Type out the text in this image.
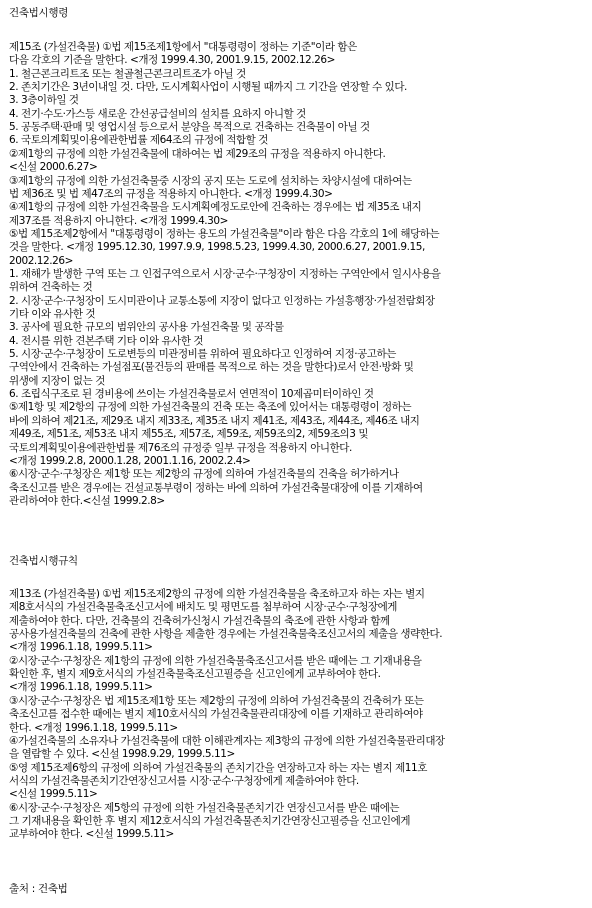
건축법시행령
제15조 (가설건축물) ①법 제15조제1항에서 "대통령령이 정하는 기준"이라 함은
다음 각호의 기준을 말한다. <개정 1999.4.30, 2001.9.15, 2002.12.26>
1. 철근콘크리트조 또는 철골철근콘크리트조가 아닐 것
2. 존치기간은 3년이내일 것. 다만, 도시계획사업이 시행될 때까지 그 기간을 연장할 수 있다.
3. 3층이하일 것
4. 전기·수도·가스등 새로운 간선공급설비의 설치를 요하지 아니할 것
5. 공동주택·판매 및 영업시설 등으로서 분양을 목적으로 건축하는 건축물이 아닐 것
6. 국토의계획및이용에관한법률 제64조의 규정에 적합할 것
②제1항의 규정에 의한 가설건축물에 대하여는 법 제29조의 규정을 적용하지 아니한다.
<신설 2000.6.27>
③제1항의 규정에 의한 가설건축물중 시장의 공지 또는 도로에 설치하는 차양시설에 대하여는
법 제36조 및 법 제47조의 규정을 적용하지 아니한다. <개정 1999.4.30>
④제1항의 규정에 의한 가설건축물을 도시계획예정도로안에 건축하는 경우에는 법 제35조 내지
제37조를 적용하지 아니한다. <개정 1999.4.30>
⑤법 제15조제2항에서 "대통령령이 정하는 용도의 가설건축물"이라 함은 다음 각호의 1에 해당하는
것을 말한다. <개정 1995.12.30, 1997.9.9, 1998.5.23, 1999.4.30, 2000.6.27, 2001.9.15,
2002.12.26>
1. 재해가 발생한 구역 또는 그 인접구역으로서 시장·군수·구청장이 지정하는 구역안에서 일시사용을
위하여 건축하는 것
2. 시장·군수·구청장이 도시미관이나 교통소통에 지장이 없다고 인정하는 가설흥행장·가설전람회장
기타 이와 유사한 것
3. 공사에 필요한 규모의 범위안의 공사용 가설건축물 및 공작물
4. 전시를 위한 견본주택 기타 이와 유사한 것
5. 시장·군수·구청장이 도로변등의 미관정비를 위하여 필요하다고 인정하여 지정·공고하는
구역안에서 건축하는 가설점포(물건등의 판매를 목적으로 하는 것을 말한다)로서 안전·방화 및
위생에 지장이 없는 것
6. 조립식구조로 된 경비용에 쓰이는 가설건축물로서 연면적이 10제곱미터이하인 것
⑤제1항 및 제2항의 규정에 의한 가설건축물의 건축 또는 축조에 있어서는 대통령령이 정하는
바에 의하여 제21조, 제29조 내지 제33조, 제35조 내지 제41조, 제43조, 제44조, 제46조 내지
제49조, 제51조, 제53조 내지 제55조, 제57조, 제59조, 제59조의2, 제59조의3 및
국토의계획및이용에관한법률 제76조의 규정중 일부 규정을 적용하지 아니한다.
<개정 1999.2.8, 2000.1.28, 2001.1.16, 2002.2.4>
⑥시장·군수·구청장은 제1항 또는 제2항의 규정에 의하여 가설건축물의 건축을 허가하거나
축조신고를 받은 경우에는 건설교통부령이 정하는 바에 의하여 가설건축물대장에 이를 기재하여
관리하여야 한다.<신설 1999.2.8>
건축법시행규칙
제13조 (가설건축물) ①법 제15조제2항의 규정에 의한 가설건축물을 축조하고자 하는 자는 별지
제8호서식의 가설건축물축조신고서에 배치도 및 평면도를 첨부하여 시장·군수·구청장에게
제출하여야 한다. 다만, 건축물의 건축허가신청시 가설건축물의 축조에 관한 사항과 함께
공사용가설건축물의 건축에 관한 사항을 제출한 경우에는 가설건축물축조신고서의 제출을 생략한다.
<개정 1996.1.18, 1999.5.11>
②시장·군수·구청장은 제1항의 규정에 의한 가설건축물축조신고서를 받은 때에는 그 기재내용을
확인한 후, 별지 제9호서식의 가설건축물축조신고필증을 신고인에게 교부하여야 한다.
<개정 1996.1.18, 1999.5.11>
③시장·군수·구청장은 법 제15조제1항 또는 제2항의 규정에 의하여 가설건축물의 건축허가 또는
축조신고를 접수한 때에는 별지 제10호서식의 가설건축물관리대장에 이를 기재하고 관리하여야
한다. <개정 1996.1.18, 1999.5.11>
④가설건축물의 소유자나 가설건축물에 대한 이해관계자는 제3항의 규정에 의한 가설건축물관리대장
을 열람할 수 있다. <신설 1998.9.29, 1999.5.11>
⑤영 제15조제6항의 규정에 의하여 가설건축물의 존치기간을 연장하고자 하는 자는 별지 제11호
서식의 가설건축물존치기간연장신고서를 시장·군수·구청장에게 제출하여야 한다.
<신설 1999.5.11>
⑥시장·군수·구청장은 제5항의 규정에 의한 가설건축물존치기간 연장신고서를 받은 때에는
그 기재내용을 확인한 후 별지 제12호서식의 가설건축물존치기간연장신고필증을 신고인에게
교부하여야 한다. <신설 1999.5.11>
출처 : 건축법
